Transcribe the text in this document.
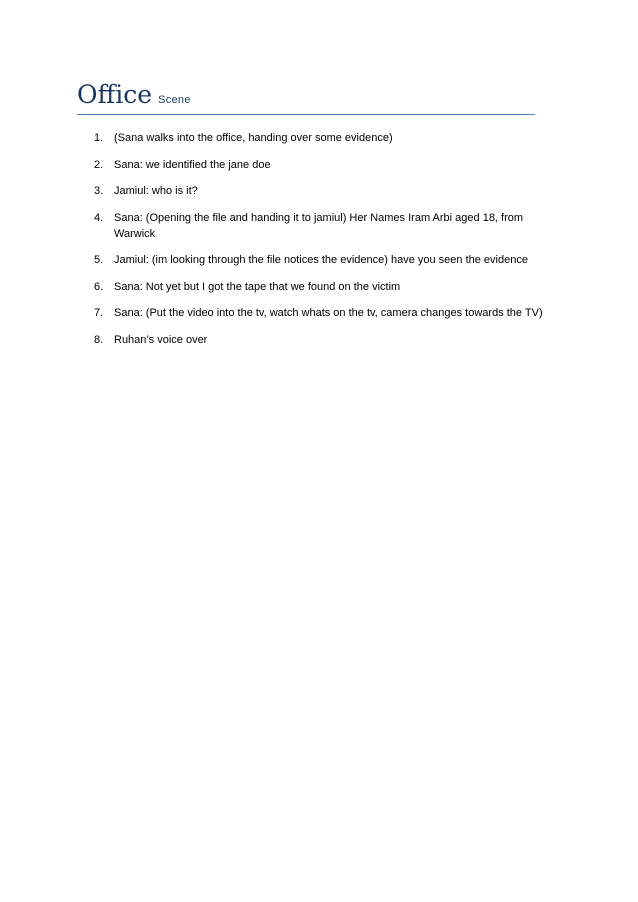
Office Scene
1. (Sana walks into the office, handing over some evidence)
2. Sana: we identified the jane doe
3. Jamiul: who is it?
4. Sana: (Opening the file and handing it to jamiul) Her Names Iram Arbi aged 18, from Warwick
5. Jamiul: (im looking through the file notices the evidence) have you seen the evidence
6. Sana: Not yet but I got the tape that we found on the victim
7. Sana: (Put the video into the tv, watch whats on the tv, camera changes towards the TV)
8. Ruhan’s voice over
